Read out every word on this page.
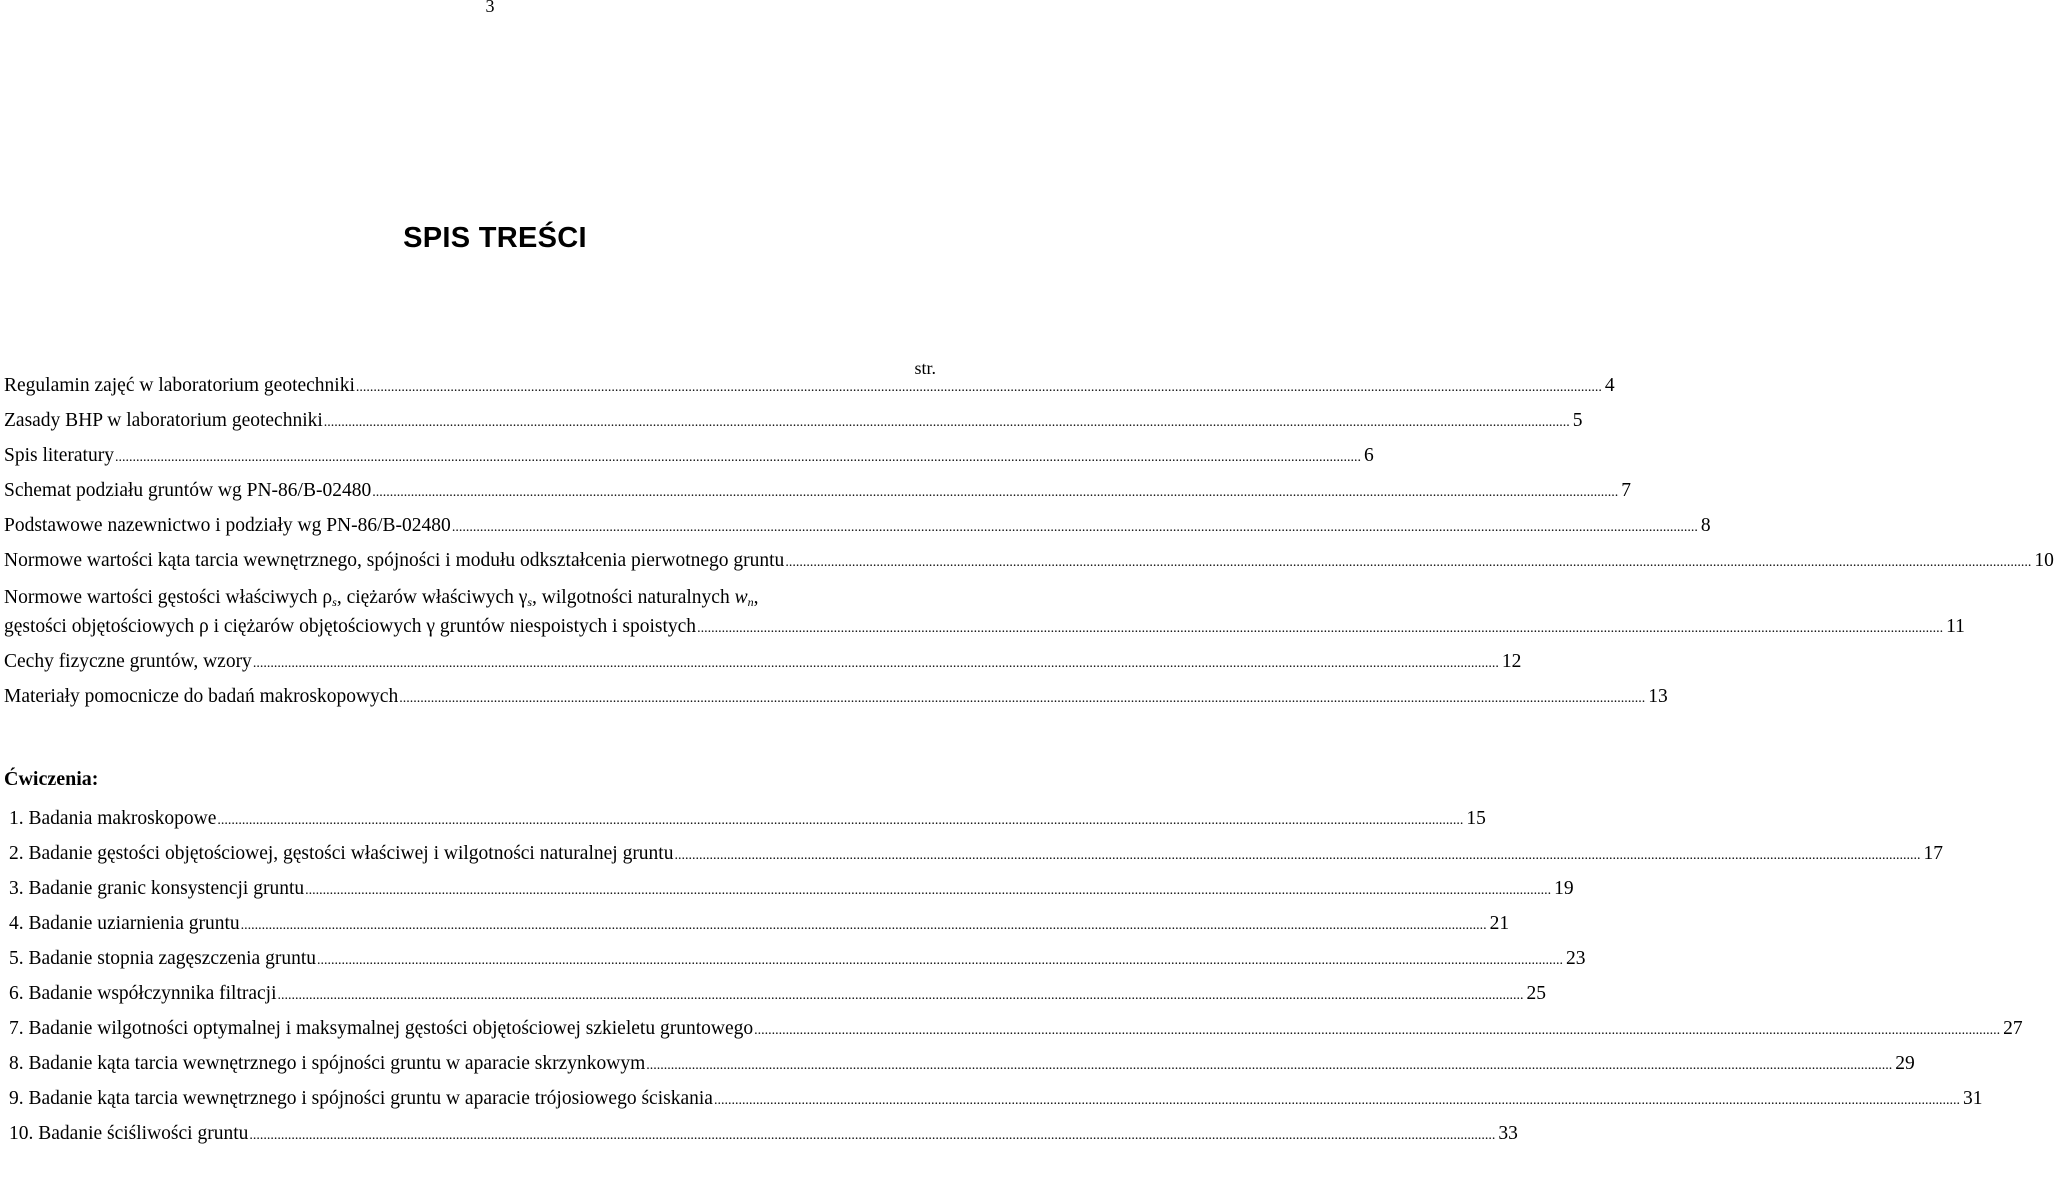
3
SPIS TREŚCI
str.
Regulamin zajęć w laboratorium geotechniki .....	4
Zasady BHP w laboratorium geotechniki .....	5
Spis literatury .....	6
Schemat podziału gruntów wg PN-86/B-02480 .....	7
Podstawowe nazewnictwo i podziały wg PN-86/B-02480 .....	8
Normowe wartości kąta tarcia wewnętrznego, spójności i modułu odkształcenia pierwotnego gruntu .....	10
Normowe wartości gęstości właściwych $\rho_s$, ciężarów właściwych $\gamma_s$, wilgotności naturalnych $w_n$,
gęstości objętościowych ρ i ciężarów objętościowych γ gruntów niespoistych i spoistych .....	11
Cechy fizyczne gruntów, wzory .....	12
Materiały pomocnicze do badań makroskopowych .....	13
Ćwiczenia:
1. Badania makroskopowe .....	15
2. Badanie gęstości objętościowej, gęstości właściwej i wilgotności naturalnej gruntu .....	17
3. Badanie granic konsystencji gruntu .....	19
4. Badanie uziarnienia gruntu .....	21
5. Badanie stopnia zagęszczenia gruntu .....	23
6. Badanie współczynnika filtracji .....	25
7. Badanie wilgotności optymalnej i maksymalnej gęstości objętościowej szkieletu gruntowego .....	27
8. Badanie kąta tarcia wewnętrznego i spójności gruntu w aparacie skrzynkowym .....	29
9. Badanie kąta tarcia wewnętrznego i spójności gruntu w aparacie trójosiowego ściskania .....	31
10. Badanie ściśliwości gruntu .....	33
